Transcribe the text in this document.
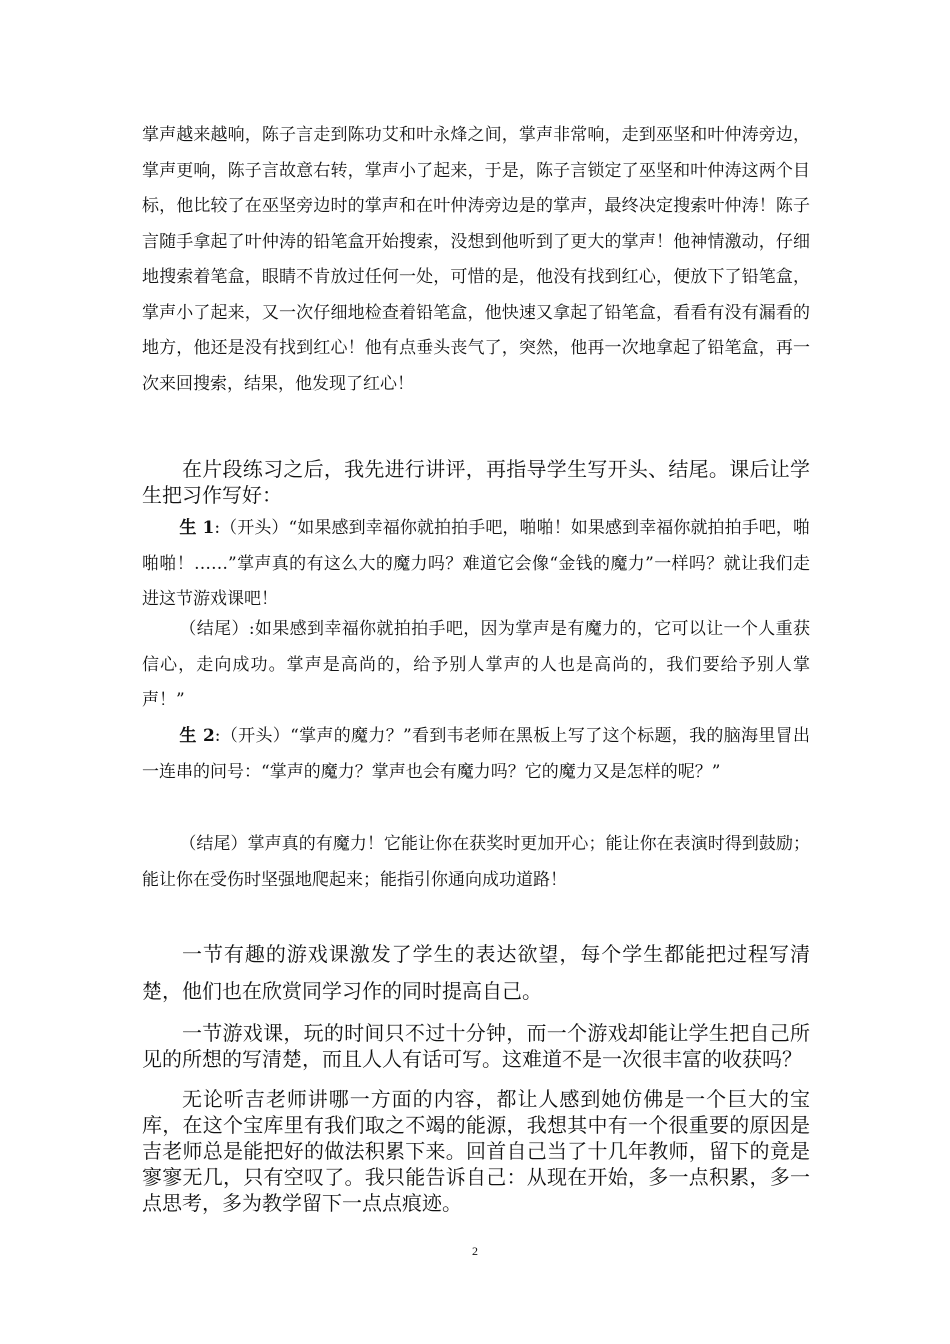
掌声越来越响，陈子言走到陈功艾和叶永烽之间，掌声非常响，走到巫坚和叶仲涛旁边，掌声更响，陈子言故意右转，掌声小了起来，于是，陈子言锁定了巫坚和叶仲涛这两个目标，他比较了在巫坚旁边时的掌声和在叶仲涛旁边是的掌声，最终决定搜索叶仲涛！陈子言随手拿起了叶仲涛的铅笔盒开始搜索，没想到他听到了更大的掌声！他神情激动，仔细地搜索着笔盒，眼睛不肯放过任何一处，可惜的是，他没有找到红心，便放下了铅笔盒，掌声小了起来，又一次仔细地检查着铅笔盒，他快速又拿起了铅笔盒，看看有没有漏看的地方，他还是没有找到红心！他有点垂头丧气了，突然，他再一次地拿起了铅笔盒，再一次来回搜索，结果，他发现了红心！

在片段练习之后，我先进行讲评，再指导学生写开头、结尾。课后让学生把习作写好：

生 1:（开头）“如果感到幸福你就拍拍手吧，啪啪！如果感到幸福你就拍拍手吧，啪啪啪！……”掌声真的有这么大的魔力吗？难道它会像“金钱的魔力”一样吗？就让我们走进这节游戏课吧！

（结尾）:如果感到幸福你就拍拍手吧，因为掌声是有魔力的，它可以让一个人重获信心，走向成功。掌声是高尚的，给予别人掌声的人也是高尚的，我们要给予别人掌声！”

生 2:（开头）“掌声的魔力？”看到韦老师在黑板上写了这个标题，我的脑海里冒出一连串的问号：“掌声的魔力？掌声也会有魔力吗？它的魔力又是怎样的呢？”

（结尾）掌声真的有魔力！它能让你在获奖时更加开心；能让你在表演时得到鼓励；能让你在受伤时坚强地爬起来；能指引你通向成功道路！

一节有趣的游戏课激发了学生的表达欲望，每个学生都能把过程写清楚，他们也在欣赏同学习作的同时提高自己。

一节游戏课，玩的时间只不过十分钟，而一个游戏却能让学生把自己所见的所想的写清楚，而且人人有话可写。这难道不是一次很丰富的收获吗？

无论听吉老师讲哪一方面的内容，都让人感到她仿佛是一个巨大的宝库，在这个宝库里有我们取之不竭的能源，我想其中有一个很重要的原因是吉老师总是能把好的做法积累下来。回首自己当了十几年教师，留下的竟是寥寥无几，只有空叹了。我只能告诉自己：从现在开始，多一点积累，多一点思考，多为教学留下一点点痕迹。

2
